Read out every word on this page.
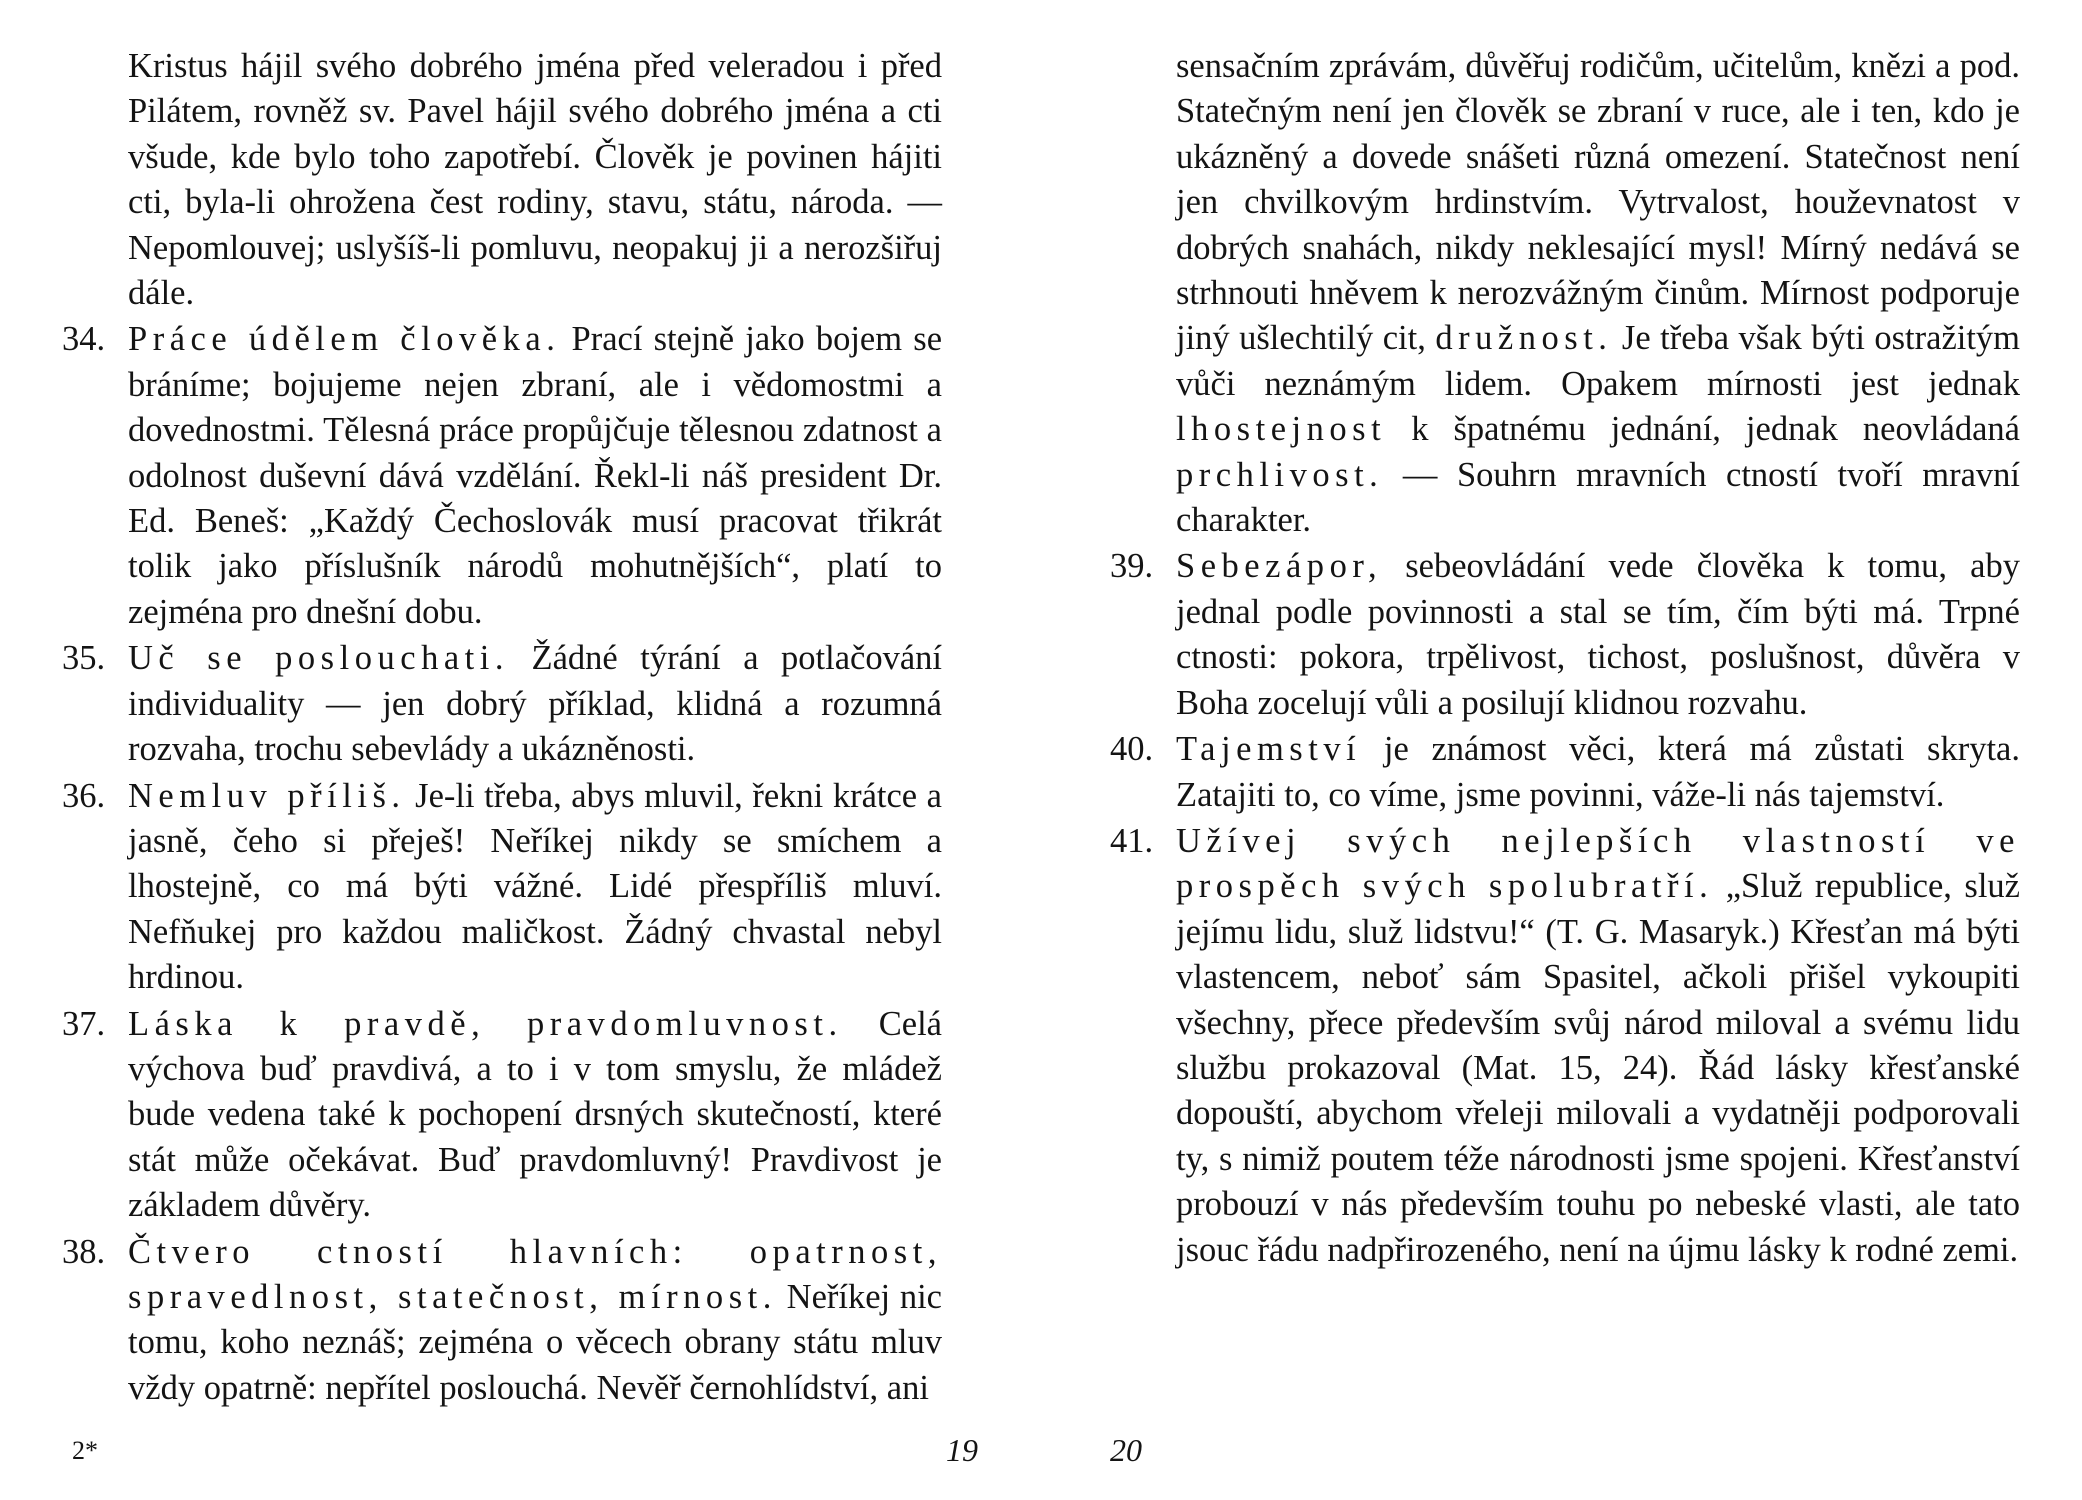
Kristus hájil svého dobrého jména před veleradou i před Pilátem, rovněž sv. Pavel hájil svého dobrého jména a cti všude, kde bylo toho zapotřebí. Člověk je povinen hájiti cti, byla-li ohrožena čest rodiny, stavu, státu, národa. — Nepomlouvej; uslyšíš-li pomluvu, nеopakuj ji a nerozšiřuj dále.

34. Práce údělem člověka. Prací stejně jako bojem se bráníme; bojujeme nejen zbraní, ale i vědomostmi a dovednostmi. Tělesná práce propůjčuje tělesnou zdatnost a odolnost duševní dává vzdělání. Řekl-li náš president Dr. Ed. Beneš: „Každý Čechoslovák musí pracovat třikrát tolik jako příslušník národů mohutnějších“, platí to zejména pro dnešní dobu.

35. Uč se poslouchati. Žádné týrání a potlačování individuality — jen dobrý příklad, klidná a rozumná rozvaha, trochu sebevlády a ukázněnosti.

36. Nemluv příliš. Je-li třeba, abys mluvil, řekni krátce a jasně, čeho si přeješ! Neříkej nikdy se smíchem a lhostejně, co má býti vážné. Lidé přespříliš mluví. Nefňukej pro každou maličkost. Žádný chvastal nebyl hrdinou.

37. Láska k pravdě, pravdomluvnost. Celá výchova buď pravdivá, a to i v tom smyslu, že mládež bude vedena také k pochopení drsných skutečností, které stát může očekávat. Buď pravdomluvný! Pravdivost je základem důvěry.

38. Čtvero ctností hlavních: opatrnost, spravedlnost, statečnost, mírnost. Neříkej nic tomu, koho neznáš; zejména o věcech obrany státu mluv vždy opatrně: nepřítel poslouchá. Nevěř černohlídství, ani

2*	19

sensačním zprávám, důvěřuj rodičům, učitelům, knězi a pod. Statečným není jen člověk se zbraní v ruce, ale i ten, kdo je ukázněný a dovede snášeti různá omezení. Statečnost není jen chvilkovým hrdinstvím. Vytrvalost, houževnatost v dobrých snahách, nikdy neklesající mysl! Mírný nedává se strhnouti hněvem k nerozvážným činům. Mírnost podporuje jiný ušlechtilý cit, družnost. Je třeba však býti ostražitým vůči neznámým lidem. Opakem mírnosti jest jednak lhostejnost k špatnému jednání, jednak neovládaná prchlivost. — Souhrn mravních ctností tvoří mravní charakter.

39. Sebezápor, sebeovládání vede člověka k tomu, aby jednal podle povinnosti a stal se tím, čím býti má. Trpné ctnosti: pokora, trpělivost, tichost, poslušnost, důvěra v Boha zocelují vůli a posilují klidnou rozvahu.

40. Tajemství je známost věci, která má zůstati skryta. Zatajiti to, co víme, jsme povinni, váže-li nás tajemství.

41. Užívej svých nejlepších vlastností ve prospěch svých spolubratří. „Služ republice, služ jejímu lidu, služ lidstvu!“ (T. G. Masaryk.) Křesťan má býti vlastencem, neboť sám Spasitel, ačkoli přišel vykoupiti všechny, přece především svůj národ miloval a svému lidu službu prokazoval (Mat. 15, 24). Řád lásky křesťanské dopouští, abychom vřeleji milovali a vydatněji podporovali ty, s nimiž poutem téže národnosti jsme spojeni. Křesťanství probouzí v nás především touhu po nebeské vlasti, ale tato jsouc řádu nadpřirozeného, není na újmu lásky k rodné zemi.

20
